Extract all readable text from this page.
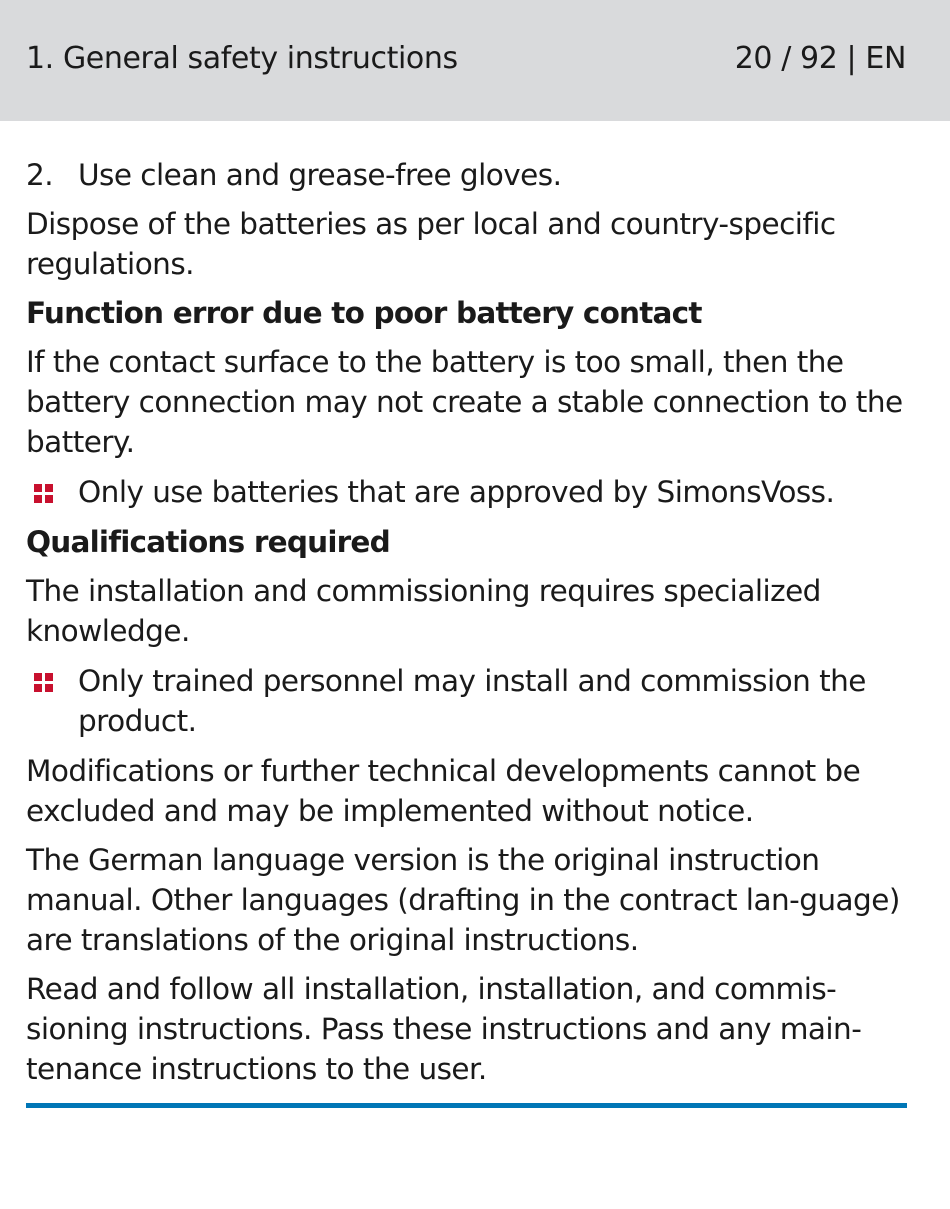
1. General safety instructions	20 / 92 | EN
2. Use clean and grease-free gloves.

Dispose of the batteries as per local and country-specific regulations.

Function error due to poor battery contact

If the contact surface to the battery is too small, then the battery connection may not create a stable connection to the battery.

Only use batteries that are approved by SimonsVoss.
Qualifications required

The installation and commissioning requires specialized knowledge.

Only trained personnel may install and commission the product.

Modifications or further technical developments cannot be excluded and may be implemented without notice.

The German language version is the original instruction manual. Other languages (drafting in the contract lan-guage) are translations of the original instructions.

Read and follow all installation, installation, and commis-sioning instructions. Pass these instructions and any main-tenance instructions to the user.
